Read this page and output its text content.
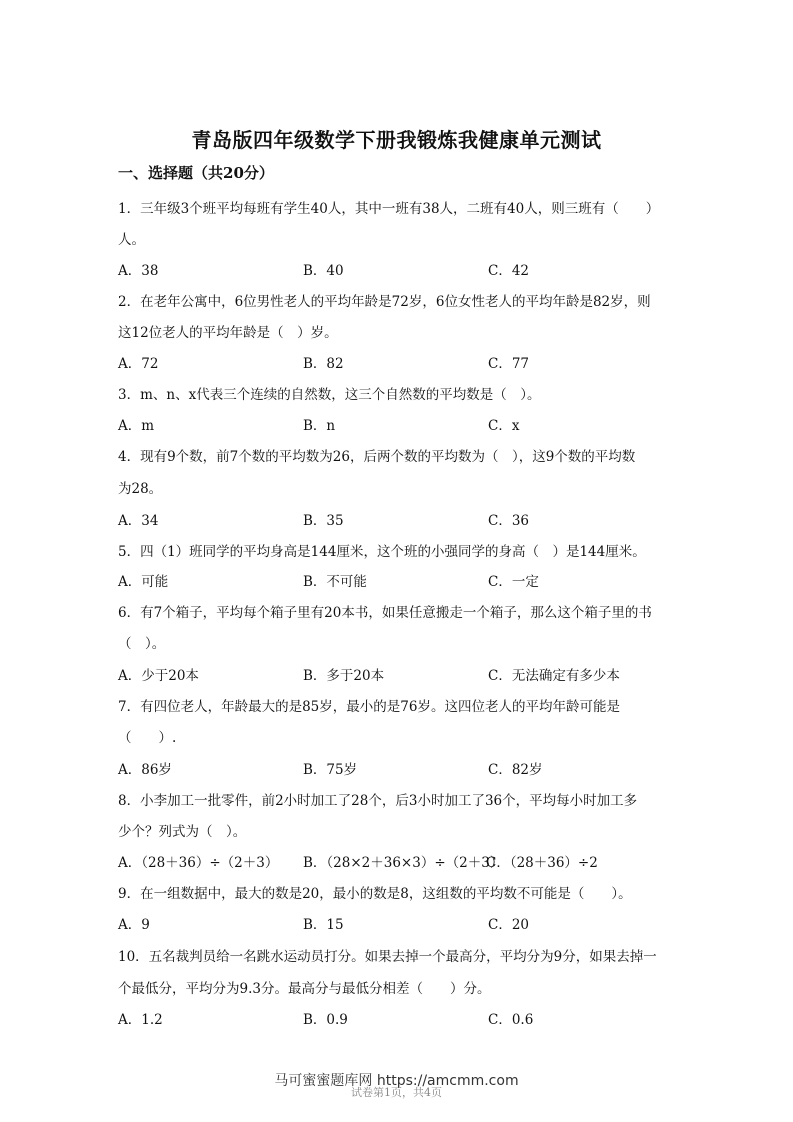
青岛版四年级数学下册我锻炼我健康单元测试
一、选择题（共20分）
1．三年级3个班平均每班有学生40人，其中一班有38人，二班有40人，则三班有（　　）
人。
A．38	B．40	C．42
2．在老年公寓中，6位男性老人的平均年龄是72岁，6位女性老人的平均年龄是82岁，则
这12位老人的平均年龄是（　）岁。
A．72	B．82	C．77
3．m、n、x代表三个连续的自然数，这三个自然数的平均数是（　）。
A．m	B．n	C．x
4．现有9个数，前7个数的平均数为26，后两个数的平均数为（　），这9个数的平均数
为28。
A．34	B．35	C．36
5．四（1）班同学的平均身高是144厘米，这个班的小强同学的身高（　）是144厘米。
A．可能	B．不可能	C．一定
6．有7个箱子，平均每个箱子里有20本书，如果任意搬走一个箱子，那么这个箱子里的书
（　）。
A．少于20本	B．多于20本	C．无法确定有多少本
7．有四位老人，年龄最大的是85岁，最小的是76岁。这四位老人的平均年龄可能是
（　　）.
A．86岁	B．75岁	C．82岁
8．小李加工一批零件，前2小时加工了28个，后3小时加工了36个，平均每小时加工多
少个？列式为（　）。
A．（28＋36）÷（2＋3） B．（28×2＋36×3）÷（2＋3）
C．（28＋36）÷2
9．在一组数据中，最大的数是20，最小的数是8，这组数的平均数不可能是（　　）。
A．9	B．15	C．20
10．五名裁判员给一名跳水运动员打分。如果去掉一个最高分，平均分为9分，如果去掉一
个最低分，平均分为9.3分。最高分与最低分相差（　　）分。
A．1.2	B．0.9	C．0.6
马可蜜蜜题库网 https://amcmm.com
试卷第1页，共4页
